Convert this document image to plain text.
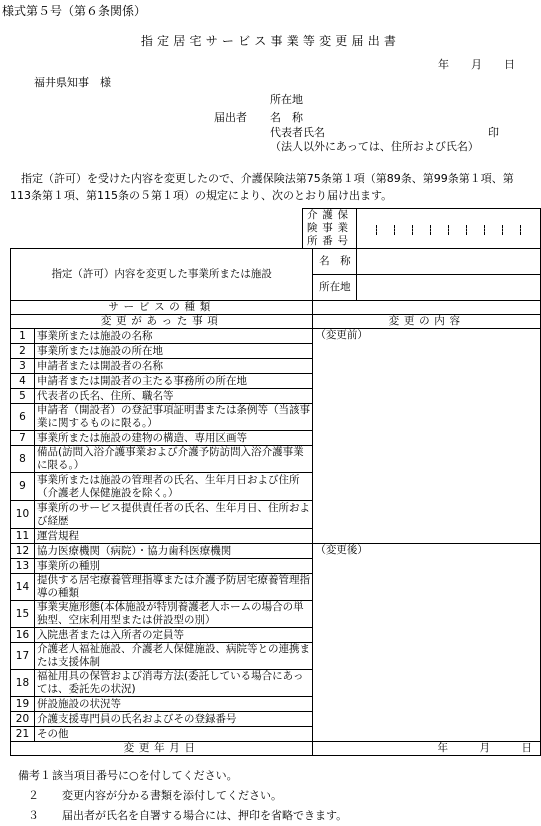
様式第５号（第６条関係）
指定居宅サービス事業等変更届出書
年　　月　　日
福井県知事　様
届出者
所在地
名　称
代表者氏名	印
（法人以外にあっては、住所および氏名）
指定（許可）を受けた内容を変更したので、介護保険法第75条第１項（第89条、第99条第１項、第113条第１項、第115条の５第１項）の規定により、次のとおり届け出ます。
		介護保険事業所番号		

指定（許可）内容を変更した事業所または施設			名　称	
			所在地	
サービスの種類				
変更があった事項			変更の内容	
1	事業所または施設の名称		（変更前）	
2	事業所または施設の所在地			
3	申請者または開設者の名称			
4	申請者または開設者の主たる事務所の所在地			
5	代表者の氏名、住所、職名等			
6	申請者（開設者）の登記事項証明書または条例等（当該事業に関するものに限る。）			
7	事業所または施設の建物の構造、専用区画等			
8	備品(訪問入浴介護事業および介護予防訪問入浴介護事業に限る。）			
9	事業所または施設の管理者の氏名、生年月日および住所（介護老人保健施設を除く。）			
10	事業所のサービス提供責任者の氏名、生年月日、住所および経歴			
11	運営規程			
12	協力医療機関（病院）・協力歯科医療機関		（変更後）	
13	事業所の種別			
14	提供する居宅療養管理指導または介護予防居宅療養管理指導の種類			
15	事業実施形態(本体施設が特別養護老人ホームの場合の単独型、空床利用型または併設型の別）			
16	入院患者または入所者の定員等			
17	介護老人福祉施設、介護老人保健施設、病院等との連携または支援体制			
18	福祉用具の保管および消毒方法(委託している場合にあっては、委託先の状況)			
19	併設施設の状況等			
20	介護支援専門員の氏名およびその登録番号			
21	その他			
変更年月日			年　　　月　　　日	
備考１該当項目番号に○を付してください。
２ 変更内容が分かる書類を添付してください。
３ 届出者が氏名を自署する場合には、押印を省略できます。
